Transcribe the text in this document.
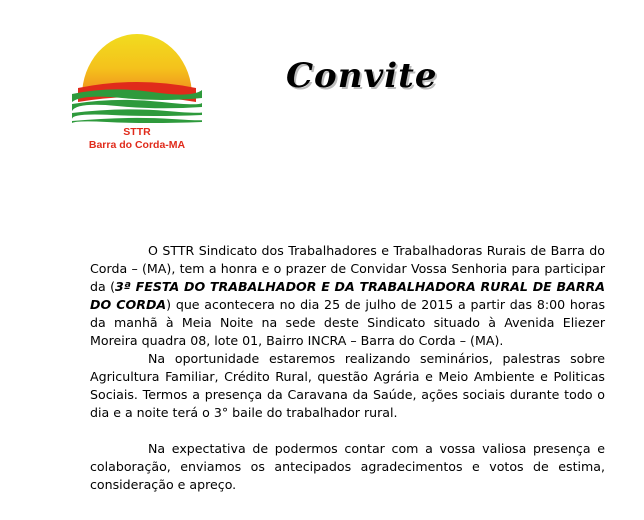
STTR
Barra do Corda-MA
Convite

O STTR Sindicato dos Trabalhadores e Trabalhadoras Rurais de Barra do Corda – (MA), tem a honra e o prazer de Convidar Vossa Senhoria para participar da (3ª FESTA DO TRABALHADOR E DA TRABALHADORA RURAL DE BARRA DO CORDA) que acontecera no dia 25 de julho de 2015 a partir das 8:00 horas da manhã à Meia Noite na sede deste Sindicato situado à Avenida Eliezer Moreira quadra 08, lote 01, Bairro INCRA – Barra do Corda – (MA).

Na oportunidade estaremos realizando seminários, palestras sobre Agricultura Familiar, Crédito Rural, questão Agrária e Meio Ambiente e Politicas Sociais. Termos a presença da Caravana da Saúde, ações sociais durante todo o dia e a noite terá o 3° baile do trabalhador rural.

Na expectativa de podermos contar com a vossa valiosa presença e colaboração, enviamos os antecipados agradecimentos e votos de estima, consideração e apreço.
